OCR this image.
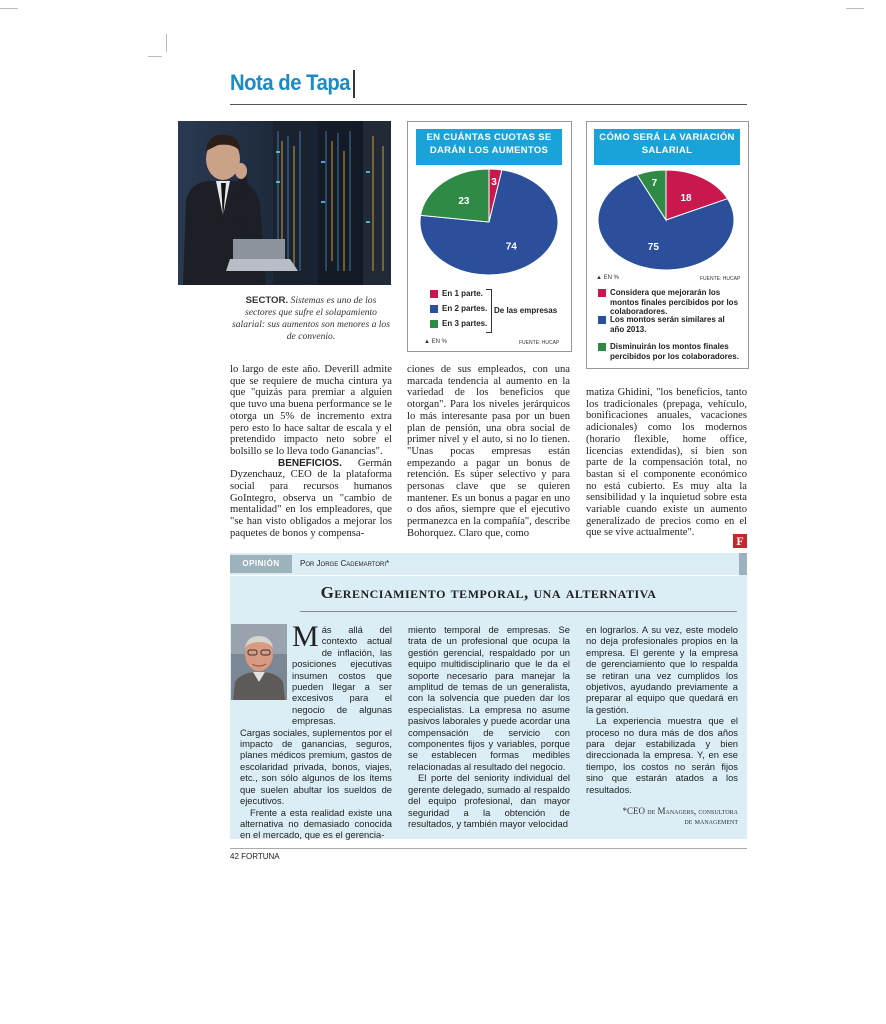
Nota de Tapa
SECTOR. Sistemas es uno de los sectores que sufre el solapamiento salarial: sus aumentos son menores a los de convenio.
EN CUÁNTAS CUOTAS SE DARÁN LOS AUMENTOS
3
74
23
En 1 parte.
En 2 partes.
En 3 partes.
De las empresas
▲ EN %	FUENTE: HUCAP
CÓMO SERÁ LA VARIACIÓN SALARIAL
18
75
7
▲ EN %	FUENTE: HUCAP
Considera que mejorarán los montos finales percibidos por los colaboradores.
Los montos serán similares al año 2013.
Disminuirán los montos finales percibidos por los colaboradores.

lo largo de este año. Deverill admite que se requiere de mucha cintura ya que "quizás para premiar a alguien que tuvo una buena performance se le otorga un 5% de incremento extra pero esto lo hace saltar de escala y el pretendido impacto neto sobre el bolsillo se lo lleva todo Ganancias".

BENEFICIOS. Germán Dyzenchauz, CEO de la plataforma social para recursos humanos GoIntegro, observa un "cambio de mentalidad" en los empleadores, que "se han visto obligados a mejorar los paquetes de bonos y compensa-

ciones de sus empleados, con una marcada tendencia al aumento en la variedad de los beneficios que otorgan". Para los niveles jerárquicos lo más interesante pasa por un buen plan de pensión, una obra social de primer nivel y el auto, si no lo tienen. "Unas pocas empresas están empezando a pagar un bonus de retención. Es súper selectivo y para personas clave que se quieren mantener. Es un bonus a pagar en uno o dos años, siempre que el ejecutivo permanezca en la compañía", describe Bohorquez. Claro que, como

matiza Ghidini, "los beneficios, tanto los tradicionales (prepaga, vehículo, bonificaciones anuales, vacaciones adicionales) como los modernos (horario flexible, home office, licencias extendidas), si bien son parte de la compensación total, no bastan si el componente económico no está cubierto. Es muy alta la sensibilidad y la inquietud sobre esta variable cuando existe un aumento generalizado de precios como en el que se vive actualmente".

F
OPINIÓN	Por Jorge Cademartori*
Gerenciamiento temporal, una alternativa

Más allá del contexto actual de inflación, las posiciones ejecutivas insumen costos que pueden llegar a ser excesivos para el negocio de algunas empresas.

Cargas sociales, suplementos por el impacto de ganancias, seguros, planes médicos premium, gastos de escolaridad privada, bonos, viajes, etc., son sólo algunos de los ítems que suelen abultar los sueldos de ejecutivos.

Frente a esta realidad existe una alternativa no demasiado conocida en el mercado, que es el gerencia-

miento temporal de empresas. Se trata de un profesional que ocupa la gestión gerencial, respaldado por un equipo multidisciplinario que le da el soporte necesario para manejar la amplitud de temas de un generalista, con la solvencia que pueden dar los especialistas. La empresa no asume pasivos laborales y puede acordar una compensación de servicio con componentes fijos y variables, porque se establecen formas medibles relacionadas al resultado del negocio.

El porte del seniority individual del gerente delegado, sumado al respaldo del equipo profesional, dan mayor seguridad a la obtención de resultados, y también mayor velocidad

en lograrlos. A su vez, este modelo no deja profesionales propios en la empresa. El gerente y la empresa de gerenciamiento que lo respalda se retiran una vez cumplidos los objetivos, ayudando previamente a preparar al equipo que quedará en la gestión.

La experiencia muestra que el proceso no dura más de dos años para dejar estabilizada y bien direccionada la empresa. Y, en ese tiempo, los costos no serán fijos sino que estarán atados a los resultados.

*CEO de Managers, consultora
de management
42 FORTUNA
